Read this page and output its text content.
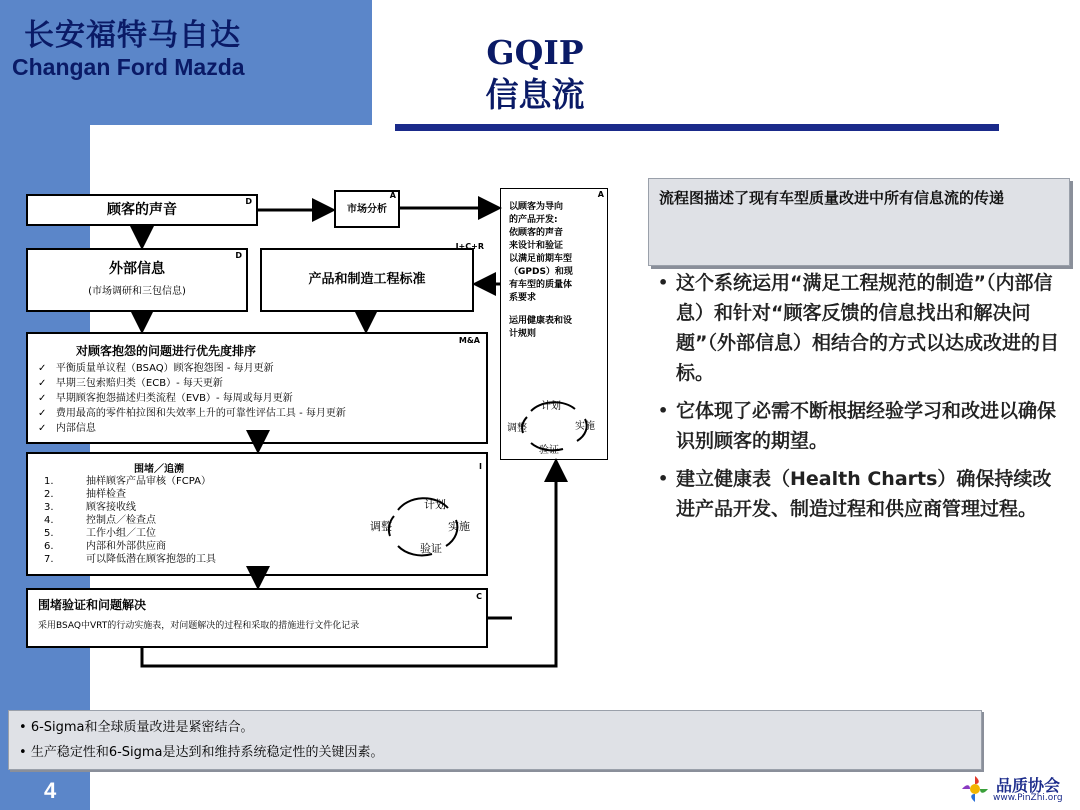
长安福特马自达
Changan Ford Mazda	GQIP
信息流
顾客的声音
D
市场分析
A
外部信息
(市场调研和三包信息)
D
产品和制造工程标准
I+C+R
对顾客抱怨的问题进行优先度排序
M&A
✓   平衡质量单议程（BSAQ）顾客抱怨图 - 每月更新
✓   早期三包索赔归类（ECB）- 每天更新
✓   早期顾客抱怨描述归类流程（EVB）- 每周或每月更新
✓   费用最高的零件柏拉图和失效率上升的可靠性评估工具 - 每月更新
✓   内部信息
围堵／追溯	I
1.	抽样顾客产品审核（FCPA）
2.	抽样检查
3.	顾客接收线
4.	控制点／检查点
5.	工作小组／工位
6.	内部和外部供应商
7.	可以降低潜在顾客抱怨的工具
计划
实施
验证
调整
围堵验证和问题解决
C
采用BSAQ中VRT的行动实施表，对问题解决的过程和采取的措施进行文件化记录
A
以顾客为导向
的产品开发:
依顾客的声音
来设计和验证
以满足前期车型
（GPDS）和现
有车型的质量体
系要求
运用健康表和设
计规则
计划
实施
验证
调整
流程图描述了现有车型质量改进中所有信息流的传递
• 这个系统运用“满足工程规范的制造”（内部信息）和针对“顾客反馈的信息找出和解决问题”（外部信息）相结合的方式以达成改进的目标。
• 它体现了必需不断根据经验学习和改进以确保识别顾客的期望。
• 建立健康表（Health Charts）确保持续改进产品开发、制造过程和供应商管理过程。
• 6-Sigma和全球质量改进是紧密结合。
• 生产稳定性和6-Sigma是达到和维持系统稳定性的关键因素。
4	品质协会
www.PinZhi.org
